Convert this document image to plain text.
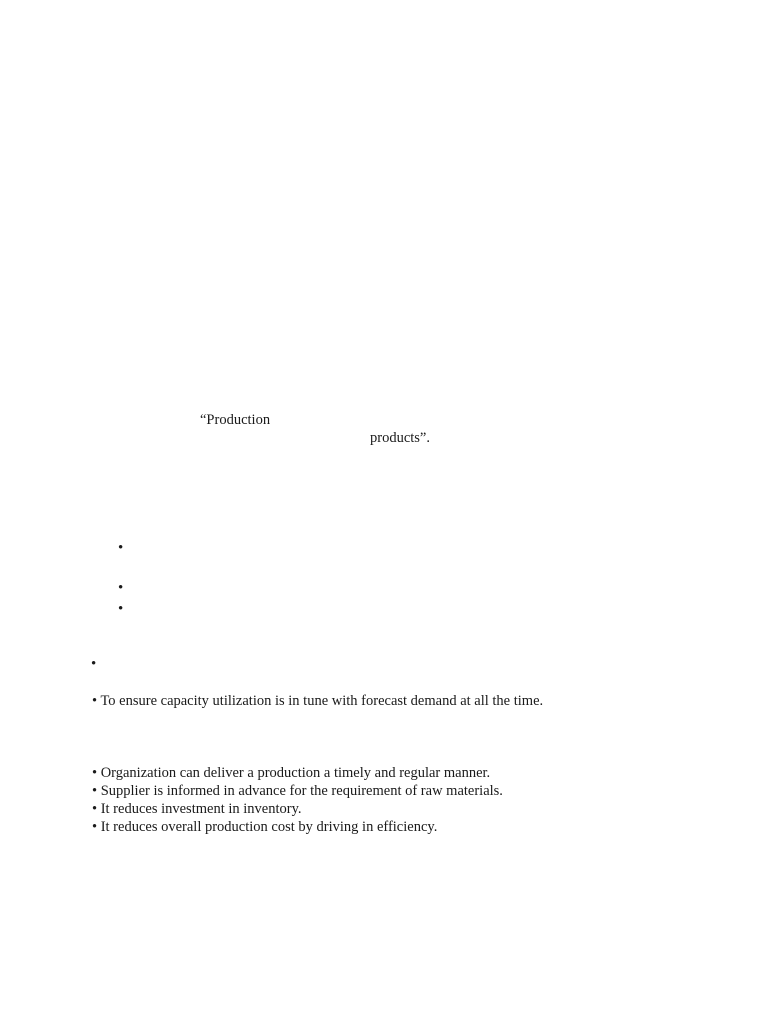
“Production
products”.
•
•
•
•
• To ensure capacity utilization is in tune with forecast demand at all the time.
• Organization can deliver a production a timely and regular manner.
• Supplier is informed in advance for the requirement of raw materials.
• It reduces investment in inventory.
• It reduces overall production cost by driving in efficiency.
